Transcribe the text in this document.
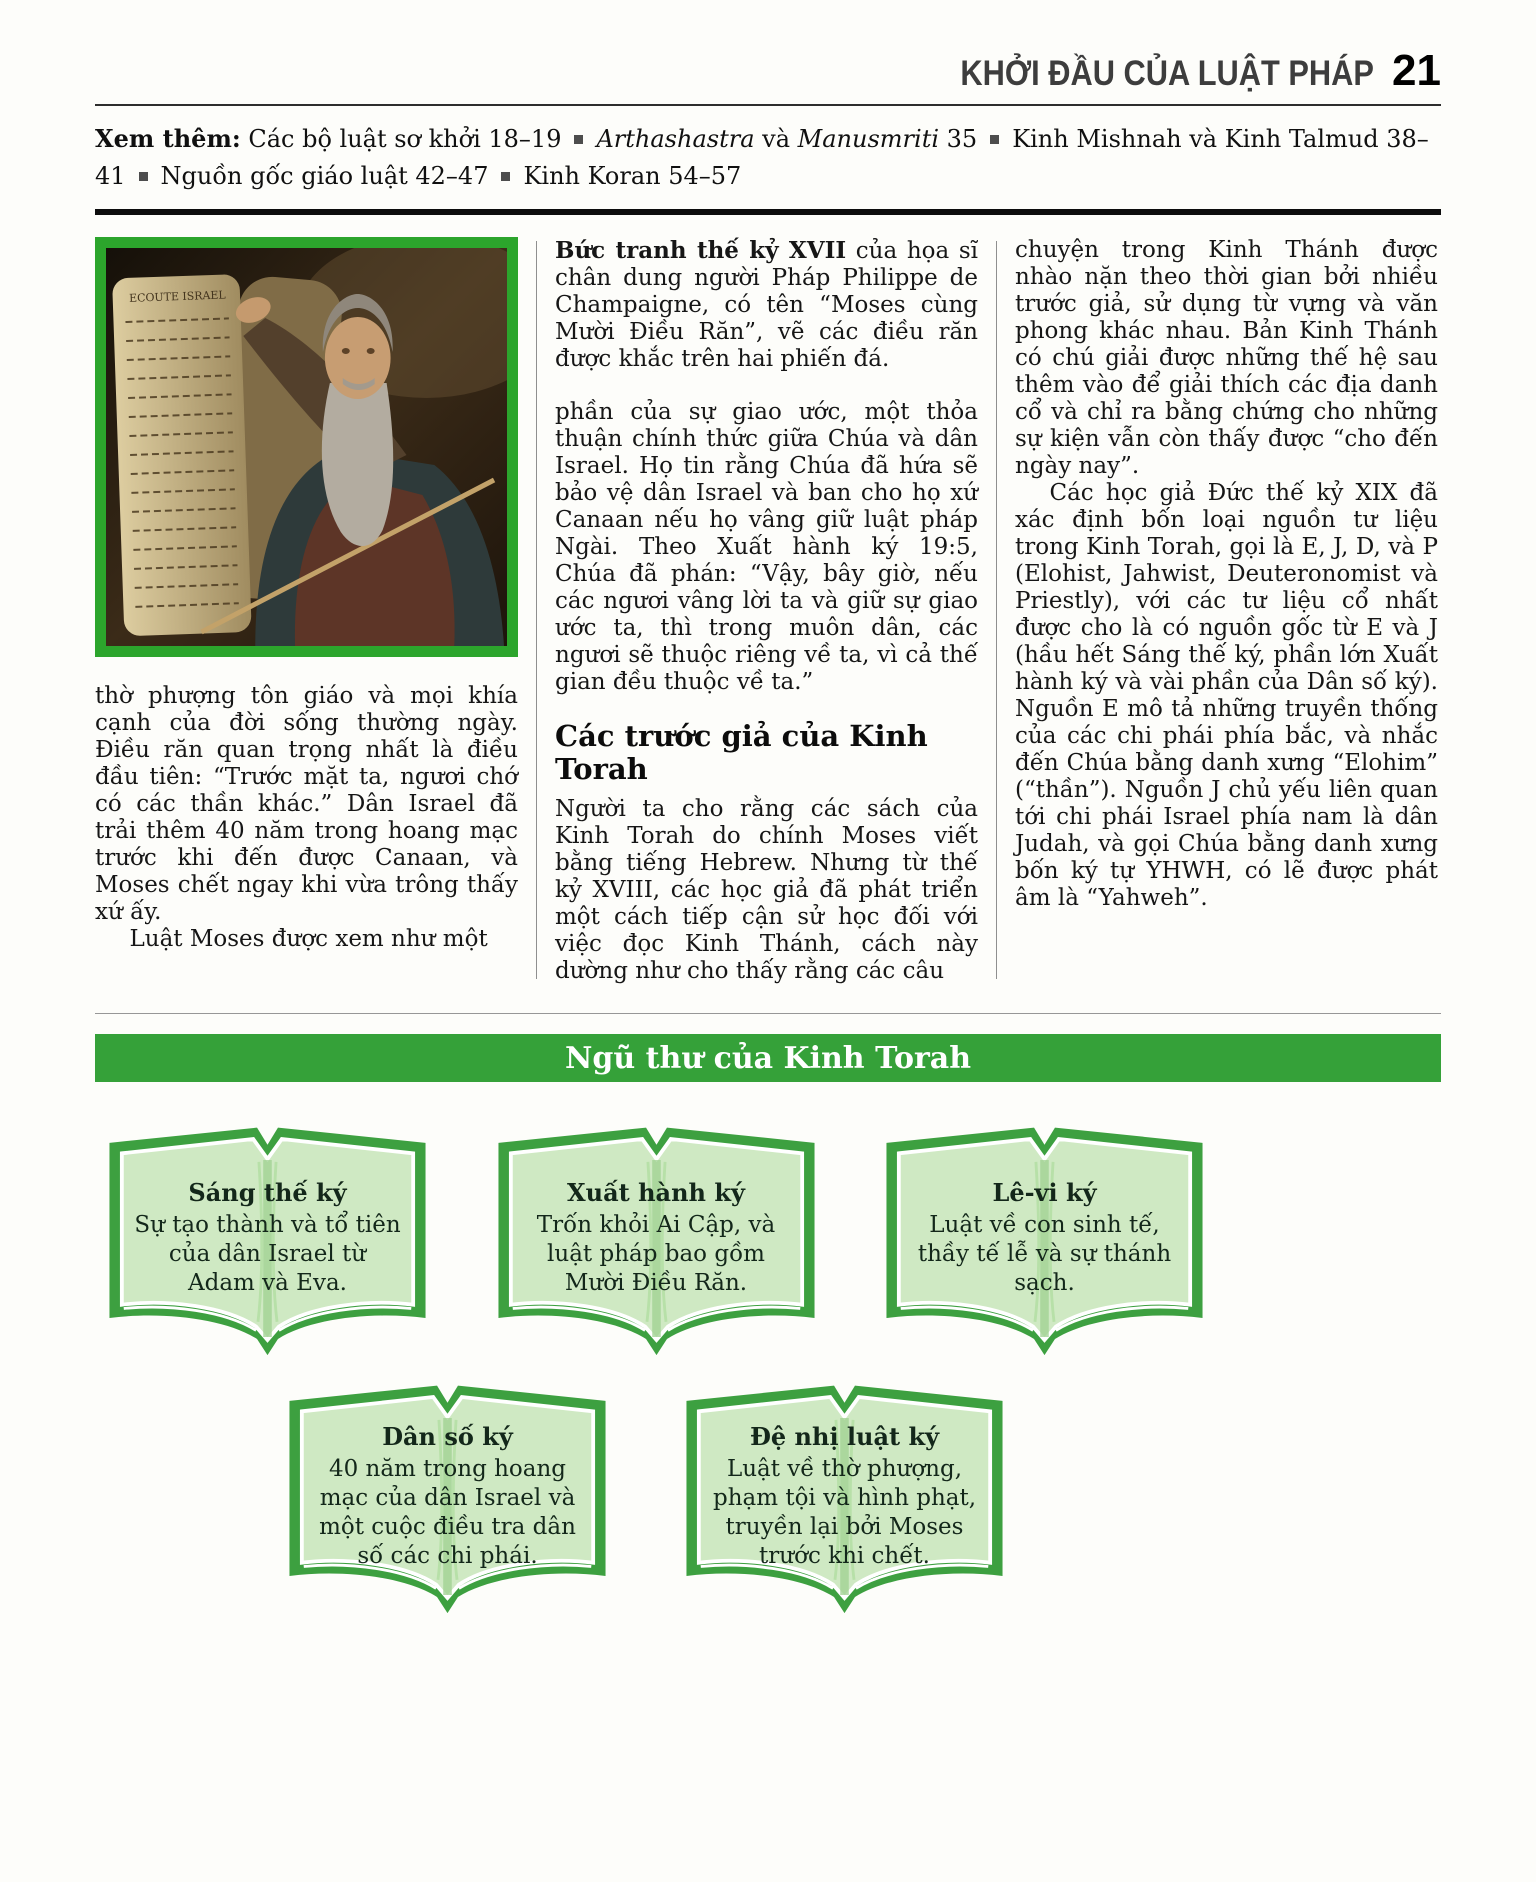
KHỞI ĐẦU CỦA LUẬT PHÁP 21

Xem thêm: Các bộ luật sơ khởi 18–19 Arthashastra và Manusmriti 35 Kinh Mishnah và Kinh Talmud 38–41 Nguồn gốc giáo luật 42–47 Kinh Koran 54–57

ECOUTE ISRAEL

thờ phượng tôn giáo và mọi khía cạnh của đời sống thường ngày. Điều răn quan trọng nhất là điều đầu tiên: “Trước mặt ta, ngươi chớ có các thần khác.” Dân Israel đã trải thêm 40 năm trong hoang mạc trước khi đến được Canaan, và Moses chết ngay khi vừa trông thấy xứ ấy.

Luật Moses được xem như một

Bức tranh thế kỷ XVII của họa sĩ chân dung người Pháp Philippe de Champaigne, có tên “Moses cùng Mười Điều Răn”, vẽ các điều răn được khắc trên hai phiến đá.

phần của sự giao ước, một thỏa thuận chính thức giữa Chúa và dân Israel. Họ tin rằng Chúa đã hứa sẽ bảo vệ dân Israel và ban cho họ xứ Canaan nếu họ vâng giữ luật pháp Ngài. Theo Xuất hành ký 19:5, Chúa đã phán: “Vậy, bây giờ, nếu các ngươi vâng lời ta và giữ sự giao ước ta, thì trong muôn dân, các ngươi sẽ thuộc riêng về ta, vì cả thế gian đều thuộc về ta.”

Các trước giả của Kinh Torah

Người ta cho rằng các sách của Kinh Torah do chính Moses viết bằng tiếng Hebrew. Nhưng từ thế kỷ XVIII, các học giả đã phát triển một cách tiếp cận sử học đối với việc đọc Kinh Thánh, cách này dường như cho thấy rằng các câu

chuyện trong Kinh Thánh được nhào nặn theo thời gian bởi nhiều trước giả, sử dụng từ vựng và văn phong khác nhau. Bản Kinh Thánh có chú giải được những thế hệ sau thêm vào để giải thích các địa danh cổ và chỉ ra bằng chứng cho những sự kiện vẫn còn thấy được “cho đến ngày nay”.

Các học giả Đức thế kỷ XIX đã xác định bốn loại nguồn tư liệu trong Kinh Torah, gọi là E, J, D, và P (Elohist, Jahwist, Deuteronomist và Priestly), với các tư liệu cổ nhất được cho là có nguồn gốc từ E và J (hầu hết Sáng thế ký, phần lớn Xuất hành ký và vài phần của Dân số ký). Nguồn E mô tả những truyền thống của các chi phái phía bắc, và nhắc đến Chúa bằng danh xưng “Elohim” (“thần”). Nguồn J chủ yếu liên quan tới chi phái Israel phía nam là dân Judah, và gọi Chúa bằng danh xưng bốn ký tự YHWH, có lẽ được phát âm là “Yahweh”.

Ngũ thư của Kinh Torah
Sáng thế ký
Sự tạo thành và tổ tiên của dân Israel từ Adam và Eva.
Xuất hành ký
Trốn khỏi Ai Cập, và luật pháp bao gồm Mười Điều Răn.
Lê-vi ký
Luật về con sinh tế, thầy tế lễ và sự thánh sạch.
Dân số ký
40 năm trong hoang mạc của dân Israel và một cuộc điều tra dân số các chi phái.
Đệ nhị luật ký
Luật về thờ phượng, phạm tội và hình phạt, truyền lại bởi Moses trước khi chết.
